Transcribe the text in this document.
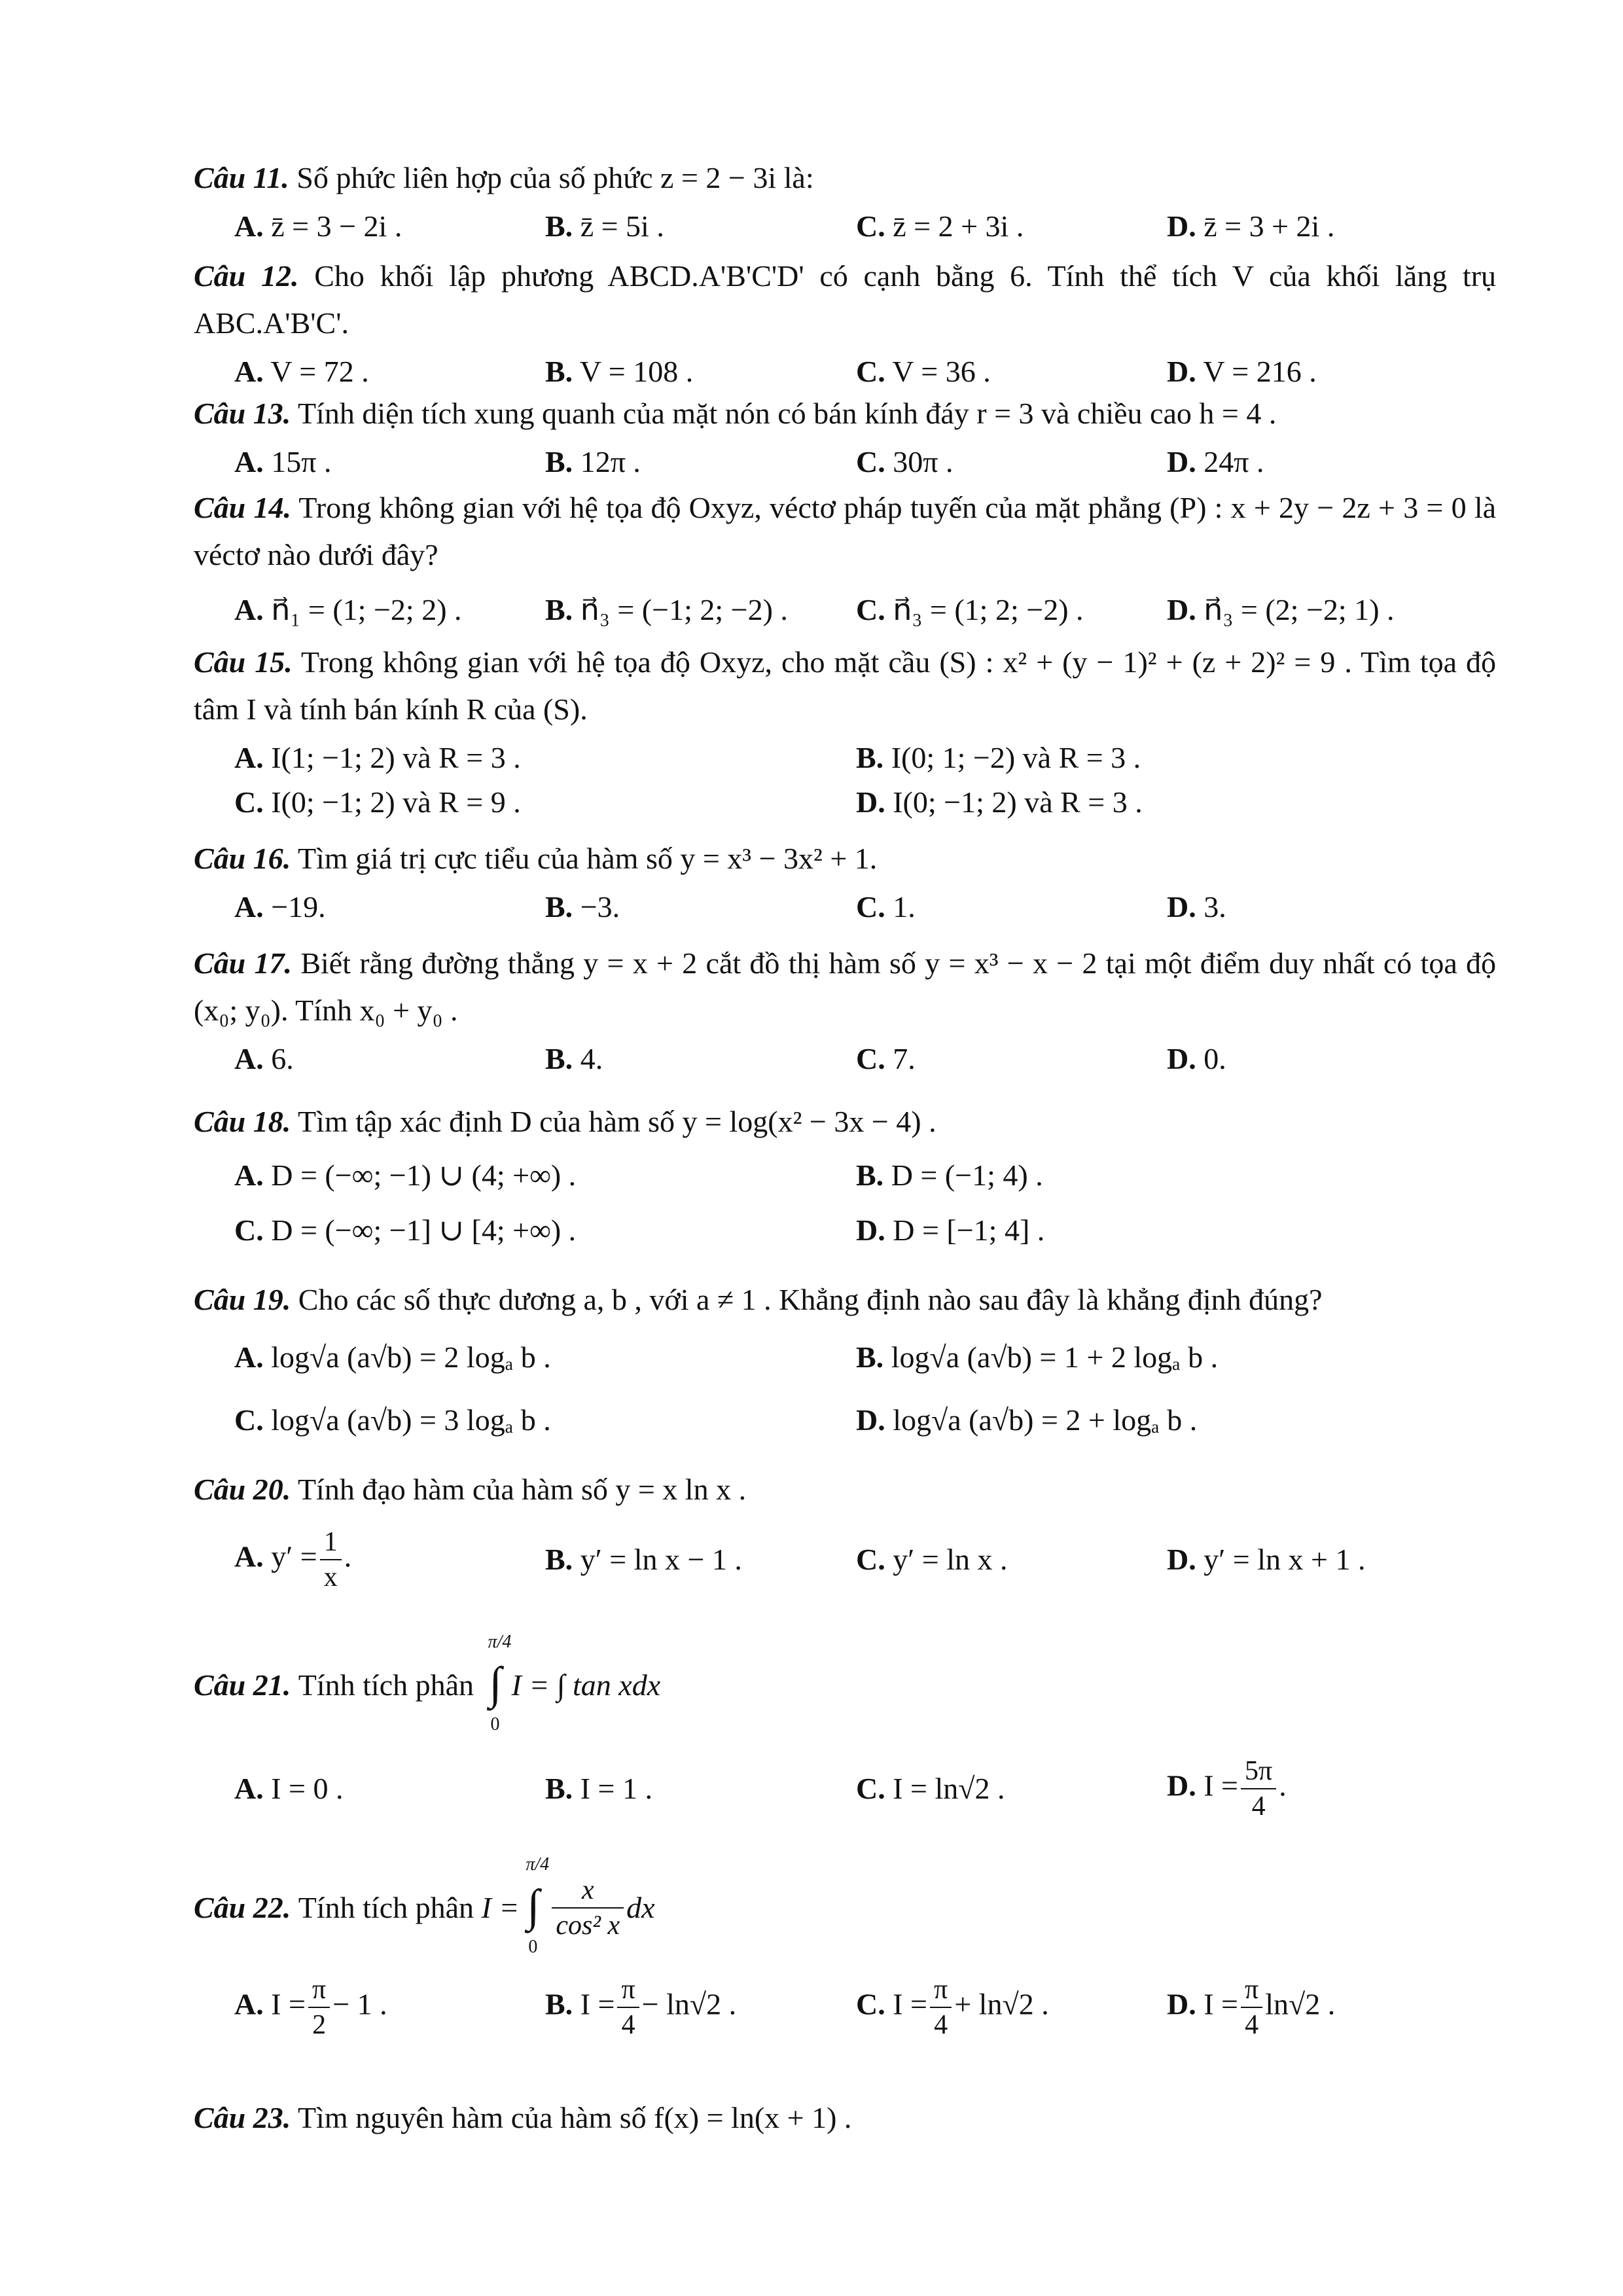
Câu 11. Số phức liên hợp của số phức z = 2 − 3i là:
A. z̄ = 3 − 2i .	B. z̄ = 5i .	C. z̄ = 2 + 3i .	D. z̄ = 3 + 2i .
Câu 12. Cho khối lập phương ABCD.A'B'C'D' có cạnh bằng 6. Tính thể tích V của khối lăng trụ ABC.A'B'C'.
A. V = 72 .	B. V = 108 .	C. V = 36 .	D. V = 216 .
Câu 13. Tính diện tích xung quanh của mặt nón có bán kính đáy r = 3 và chiều cao h = 4 .
A. 15π .	B. 12π .	C. 30π .	D. 24π .
Câu 14. Trong không gian với hệ tọa độ Oxyz, véctơ pháp tuyến của mặt phẳng (P) : x + 2y − 2z + 3 = 0 là véctơ nào dưới đây?
A. n⃗₁ = (1; −2; 2) .	B. n⃗₃ = (−1; 2; −2) .	C. n⃗₃ = (1; 2; −2) .	D. n⃗₃ = (2; −2; 1) .
Câu 15. Trong không gian với hệ tọa độ Oxyz, cho mặt cầu (S) : x² + (y − 1)² + (z + 2)² = 9 . Tìm tọa độ tâm I và tính bán kính R của (S).
A. I(1; −1; 2) và R = 3 .	B. I(0; 1; −2) và R = 3 .
C. I(0; −1; 2) và R = 9 .	D. I(0; −1; 2) và R = 3 .
Câu 16. Tìm giá trị cực tiểu của hàm số y = x³ − 3x² + 1.
A. −19.	B. −3.	C. 1.	D. 3.
Câu 17. Biết rằng đường thẳng y = x + 2 cắt đồ thị hàm số y = x³ − x − 2 tại một điểm duy nhất có tọa độ (x₀; y₀). Tính x₀ + y₀ .
A. 6.	B. 4.	C. 7.	D. 0.
Câu 18. Tìm tập xác định D của hàm số y = log(x² − 3x − 4) .
A. D = (−∞; −1) ∪ (4; +∞) .	B. D = (−1; 4) .
C. D = (−∞; −1] ∪ [4; +∞) .	D. D = [−1; 4] .
Câu 19. Cho các số thực dương a, b , với a ≠ 1 . Khẳng định nào sau đây là khẳng định đúng?
A. log√a (a√b) = 2 logₐ b .	B. log√a (a√b) = 1 + 2 logₐ b .
C. log√a (a√b) = 3 logₐ b .	D. log√a (a√b) = 2 + logₐ b .
Câu 20. Tính đạo hàm của hàm số y = x ln x .
A. $y' = \frac{1}{x}$ .	B. y′ = ln x − 1 .	C. y′ = ln x .	D. y′ = ln x + 1 .
Câu 21.
Tính tích phân

π/4
∫
0
I = ∫ tan xdx
A. I = 0 .	B. I = 1 .	C. I = ln√2 .	D. $I = \frac{5\pi}{4}$ .
Câu 22.
Tính tích phân
I =
π/4
∫
0
$\frac{x}{\text{cos² x}}$ dx
A. $I = \frac{\pi}{2} - 1$ .	B. $I = \frac{\pi}{4} - \ln√2$ .	C. $I = \frac{\pi}{4} + \ln√2$ .	D. $I = \frac{\pi}{4} \ln√2$ .
Câu 23. Tìm nguyên hàm của hàm số f(x) = ln(x + 1) .
